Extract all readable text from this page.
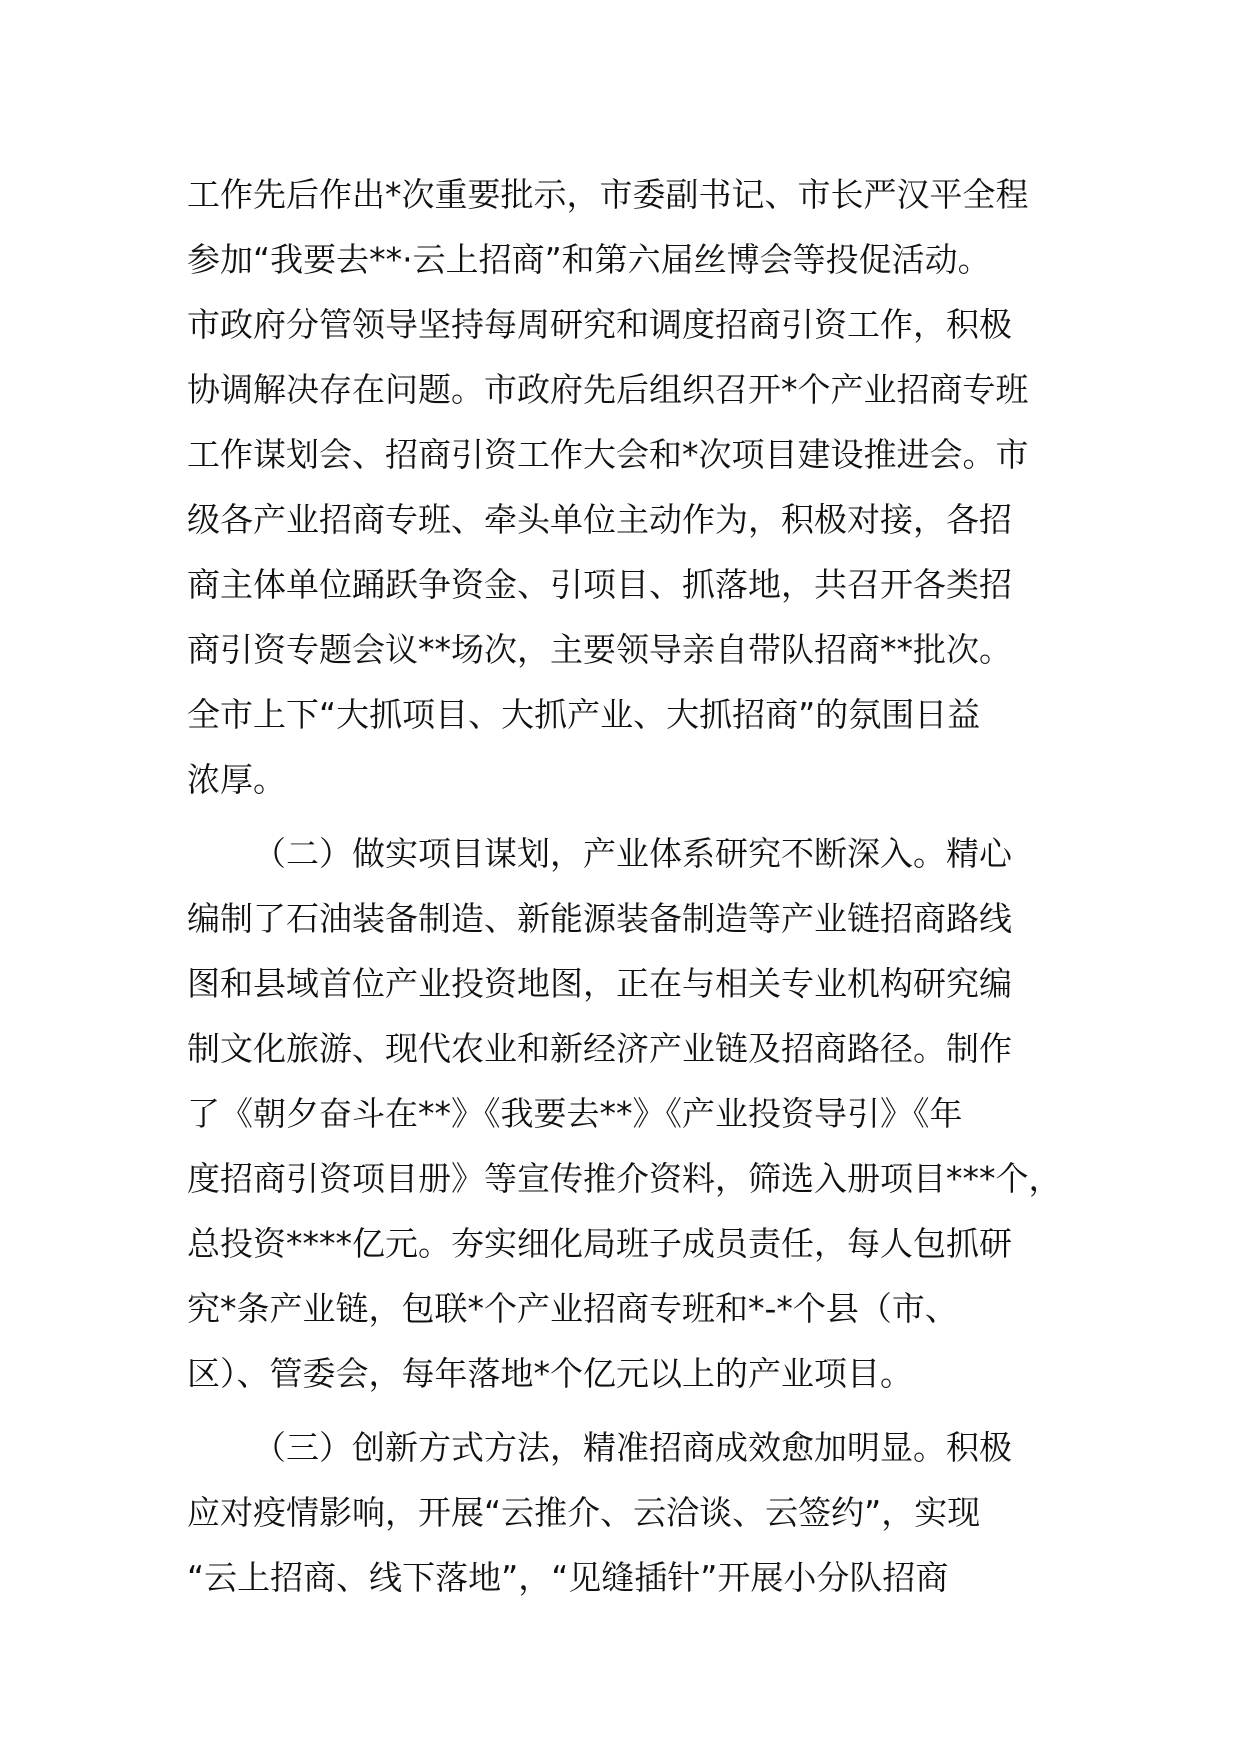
工作先后作出*次重要批示，市委副书记、市长严汉平全程
参加“我要去**·云上招商”和第六届丝博会等投促活动。
市政府分管领导坚持每周研究和调度招商引资工作，积极
协调解决存在问题。市政府先后组织召开*个产业招商专班
工作谋划会、招商引资工作大会和*次项目建设推进会。市
级各产业招商专班、牵头单位主动作为，积极对接，各招
商主体单位踊跃争资金、引项目、抓落地，共召开各类招
商引资专题会议**场次，主要领导亲自带队招商**批次。
全市上下“大抓项目、大抓产业、大抓招商”的氛围日益
浓厚。
（二）做实项目谋划，产业体系研究不断深入。精心
编制了石油装备制造、新能源装备制造等产业链招商路线
图和县域首位产业投资地图，正在与相关专业机构研究编
制文化旅游、现代农业和新经济产业链及招商路径。制作
了《朝夕奋斗在**》《我要去**》《产业投资导引》《年
度招商引资项目册》等宣传推介资料，筛选入册项目***个，
总投资****亿元。夯实细化局班子成员责任，每人包抓研
究*条产业链，包联*个产业招商专班和*-*个县（市、
区）、管委会，每年落地*个亿元以上的产业项目。
（三）创新方式方法，精准招商成效愈加明显。积极
应对疫情影响，开展“云推介、云洽谈、云签约”，实现
“云上招商、线下落地”，“见缝插针”开展小分队招商
